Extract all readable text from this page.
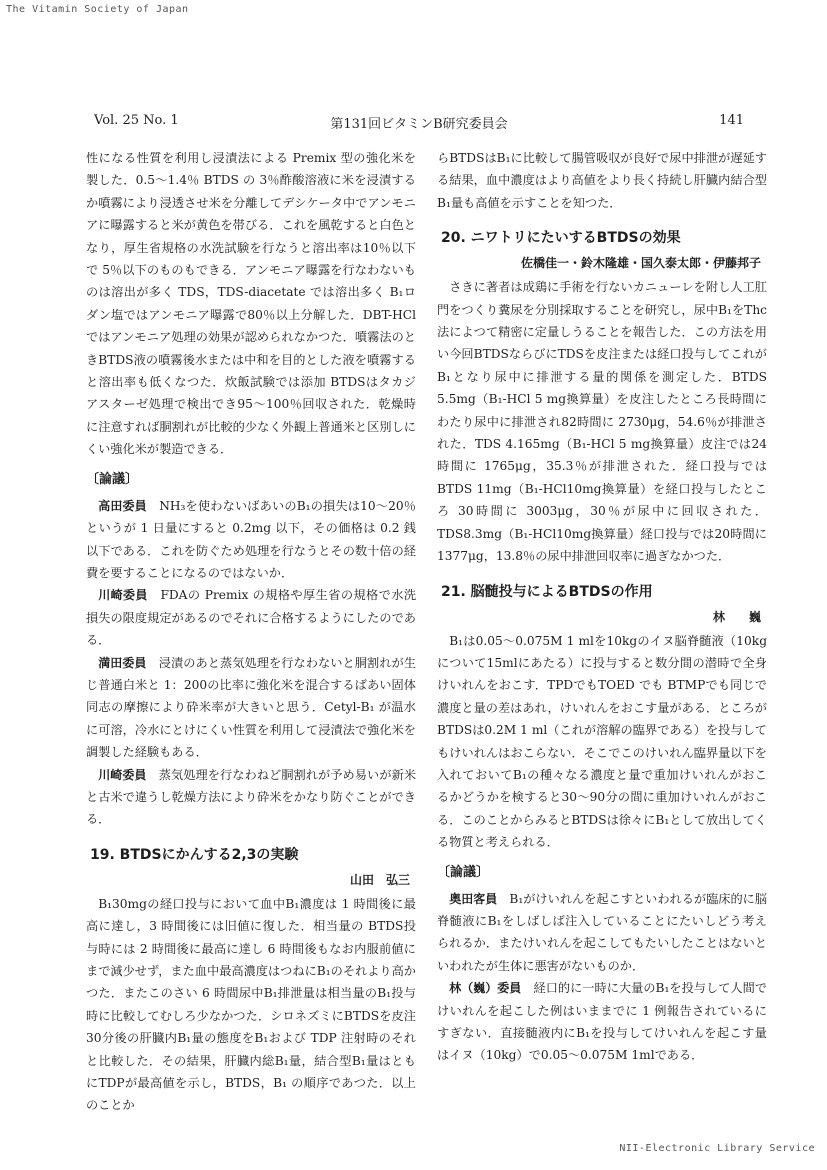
The Vitamin Society of Japan
Vol. 25 No. 1	第131回ビタミンB研究委員会	141

性になる性質を利用し浸漬法による Premix 型の強化米を製した．0.5～1.4％ BTDS の 3％酢酸溶液に米を浸漬するか噴霧により浸透させ米を分離してデシケータ中でアンモニアに曝露すると米が黄色を帯びる．これを風乾すると白色となり，厚生省規格の水洗試験を行なうと溶出率は10％以下で 5％以下のものもできる．アンモニア曝露を行なわないものは溶出が多く TDS，TDS-diacetate では溶出多く B₁ロダン塩ではアンモニア曝露で80％以上分解した．DBT-HClではアンモニア処理の効果が認められなかつた．噴霧法のときBTDS液の噴霧後水または中和を目的とした液を噴霧すると溶出率も低くなつた．炊飯試験では添加 BTDSはタカジアスターゼ処理で検出でき95～100％回収された．乾燥時に注意すれば胴割れが比較的少なく外観上普通米と区別しにくい強化米が製造できる．

〔論議〕

高田委員　 NH₃を使わないばあいのB₁の損失は10～20％というが 1 日量にすると 0.2mg 以下，その価格は 0.2 銭以下である．これを防ぐため処理を行なうとその数十倍の経費を要することになるのではないか．

川崎委員　 FDAの Premix の規格や厚生省の規格で水洗損失の限度規定があるのでそれに合格するようにしたのである．

満田委員　 浸漬のあと蒸気処理を行なわないと胴割れが生じ普通白米と 1：200の比率に強化米を混合するばあい固体同志の摩擦により砕米率が大きいと思う．Cetyl-B₁ が温水に可溶，冷水にとけにくい性質を利用して浸漬法で強化米を調製した経験もある．

川崎委員　 蒸気処理を行なわねど胴割れが予め易いが新米と古米で違うし乾燥方法により砕米をかなり防ぐことができる．

19. BTDSにかんする2,3の実験
山田　弘三

B₁30mgの経口投与において血中B₁濃度は 1 時間後に最高に達し，3 時間後には旧値に復した．相当量の BTDS投与時には 2 時間後に最高に達し 6 時間後もなお内服前値にまで減少せず，また血中最高濃度はつねにB₁のそれより高かつた．またこのさい 6 時間尿中B₁排泄量は相当量のB₁投与時に比較してむしろ少なかつた．シロネズミにBTDSを皮注30分後の肝臓内B₁量の態度をB₁および TDP 注射時のそれと比較した．その結果，肝臓内総B₁量，結合型B₁量はともにTDPが最高値を示し，BTDS，B₁ の順序であつた．以上のことか

らBTDSはB₁に比較して腸管吸収が良好で尿中排泄が遅延する結果，血中濃度はより高値をより長く持続し肝臓内結合型B₁量も高値を示すことを知つた．

20. ニワトリにたいするBTDSの効果
佐橋佳一・鈴木隆雄・国久泰太郎・伊藤邦子

さきに著者は成鶏に手術を行ないカニューレを附し人工肛門をつくり糞尿を分別採取することを研究し，尿中B₁をThc法によつて精密に定量しうることを報告した．この方法を用い今回BTDSならびにTDSを皮注または経口投与してこれがB₁となり尿中に排泄する量的関係を測定した．BTDS 5.5mg（B₁-HCl 5 mg換算量）を皮注したところ長時間にわたり尿中に排泄され82時間に 2730μg，54.6％が排泄された．TDS 4.165mg（B₁-HCl 5 mg換算量）皮注では24時間に 1765μg，35.3％が排泄された．経口投与ではBTDS 11mg（B₁-HCl10mg換算量）を経口投与したところ 30時間に 3003μg，30％が尿中に回収された．TDS8.3mg（B₁-HCl10mg換算量）経口投与では20時間に1377μg，13.8％の尿中排泄回収率に過ぎなかつた．

21. 脳髄投与によるBTDSの作用
林　　巍

B₁は0.05～0.075M 1 mlを10kgのイヌ脳脊髄液（10kgについて15mlにあたる）に投与すると数分間の潜時で全身けいれんをおこす．TPDでもTOED でも BTMPでも同じで濃度と量の差はあれ，けいれんをおこす量がある．ところがBTDSは0.2M 1 ml（これが溶解の臨界である）を投与してもけいれんはおこらない．そこでこのけいれん臨界量以下を入れておいてB₁の種々なる濃度と量で重加けいれんがおこるかどうかを検すると30～90分の間に重加けいれんがおこる．このことからみるとBTDSは徐々にB₁として放出してくる物質と考えられる．

〔論議〕

奥田客員　 B₁がけいれんを起こすといわれるが臨床的に脳脊髄液にB₁をしばしば注入していることにたいしどう考えられるか．またけいれんを起こしてもたいしたことはないといわれたが生体に悪害がないものか．

林（巍）委員　 経口的に一時に大量のB₁を投与して人間でけいれんを起こした例はいままでに 1 例報告されているにすぎない．直接髄液内にB₁を投与してけいれんを起こす量はイヌ（10kg）で0.05～0.075M 1mlである．

NII-Electronic Library Service
